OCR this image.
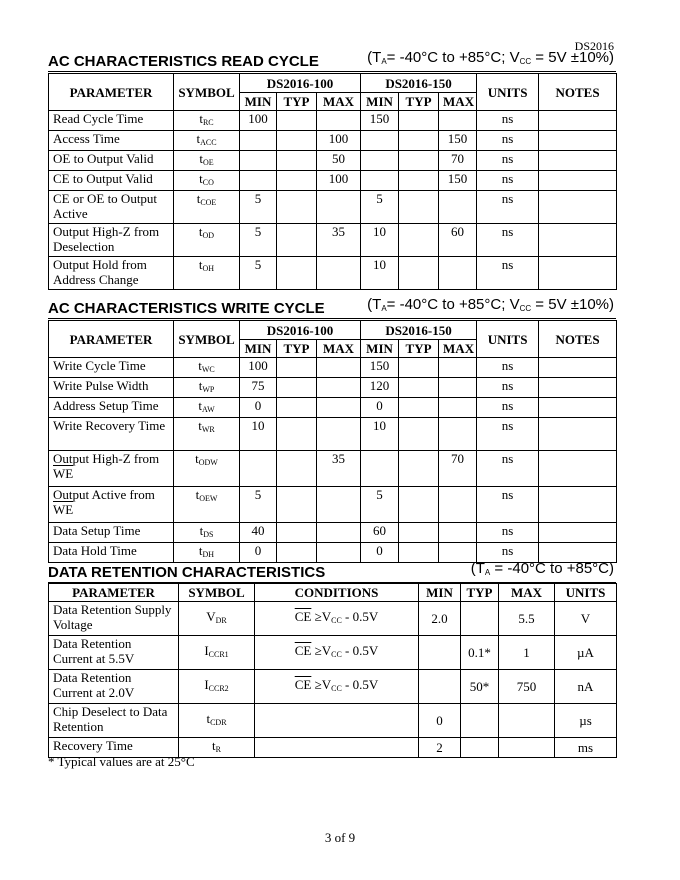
DS2016
AC CHARACTERISTICS READ CYCLE	($T_A= -40^\circ C$ to +85°C; $V_{CC} = 5V \pm 10\%$)
PARAMETER	SYMBOL	DS2016-100			DS2016-150			UNITS	NOTES
		MIN	TYP	MAX	MIN	TYP	MAX		
Read Cycle Time	$t_{RC}$	100			150			ns	
Access Time	$t_{ACC}$			100			150	ns	
$\overline{OE}$ to Output Valid	$t_{OE}$			50			70	ns	
$\overline{CE}$ to Output Valid	$t_{CO}$			100			150	ns	
$\overline{CE}$ or $\overline{OE}$ to Output Active	$t_{COE}$	5			5			ns	
Output High-Z from Deselection	$t_{OD}$	5		35	10		60	ns	
Output Hold from Address Change	$t_{OH}$	5			10			ns	
AC CHARACTERISTICS WRITE CYCLE	($T_A= -40^\circ C$ to +85°C; $V_{CC} = 5V \pm 10\%$)
PARAMETER	SYMBOL	DS2016-100			DS2016-150			UNITS	NOTES
		MIN	TYP	MAX	MIN	TYP	MAX		
Write Cycle Time	$t_{WC}$	100			150			ns	
Write Pulse Width	$t_{WP}$	75			120			ns	
Address Setup Time	$t_{AW}$	0			0			ns	
Write Recovery Time	$t_{WR}$	10			10			ns	
Output High-Z from $\overline{WE}$	$t_{ODW}$			35			70	ns	
Output Active from $\overline{WE}$	$t_{OEW}$	5			5			ns	
Data Setup Time	$t_{DS}$	40			60			ns	
Data Hold Time	$t_{DH}$	0			0			ns	
DATA RETENTION CHARACTERISTICS	($T_A = -40^\circ C$ to +85°C)
PARAMETER	SYMBOL	CONDITIONS	MIN	TYP	MAX	UNITS
Data Retention Supply Voltage	$V_{DR}$	$\overline{CE} \ge V_{CC} - 0.5V$	2.0		5.5	V
Data Retention Current at 5.5V	$I_{CCR1}$	$\overline{CE} \ge V_{CC} - 0.5V$		0.1*	1	µA
Data Retention Current at 2.0V	$I_{CCR2}$	$\overline{CE} \ge V_{CC} - 0.5V$		50*	750	nA
Chip Deselect to Data Retention	$t_{CDR}$		0			µs
Recovery Time	$t_R$		2			ms
* Typical values are at 25°C
3 of 9
